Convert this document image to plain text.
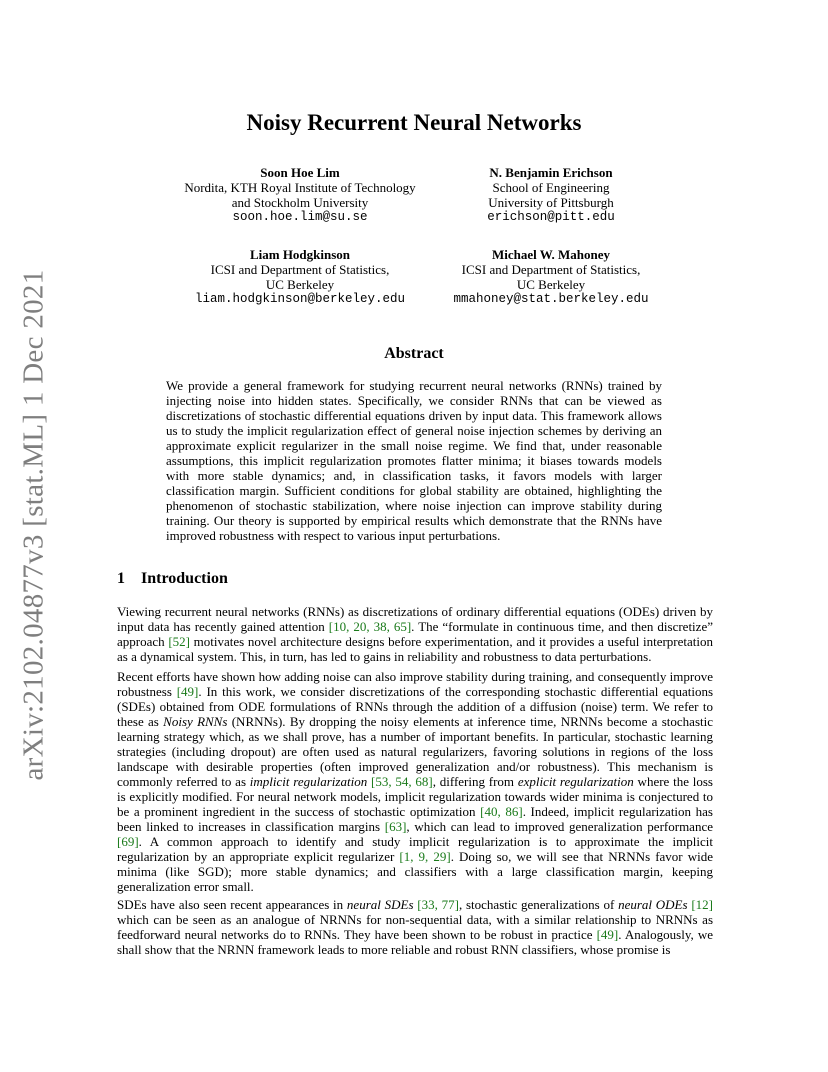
arXiv:2102.04877v3 [stat.ML] 1 Dec 2021
Noisy Recurrent Neural Networks
Soon Hoe Lim
Nordita, KTH Royal Institute of Technology
and Stockholm University
soon.hoe.lim@su.se
N. Benjamin Erichson
School of Engineering
University of Pittsburgh
erichson@pitt.edu
Liam Hodgkinson
ICSI and Department of Statistics,
UC Berkeley
liam.hodgkinson@berkeley.edu
Michael W. Mahoney
ICSI and Department of Statistics,
UC Berkeley
mmahoney@stat.berkeley.edu
Abstract

We provide a general framework for studying recurrent neural networks (RNNs) trained by injecting noise into hidden states. Specifically, we consider RNNs that can be viewed as discretizations of stochastic differential equations driven by input data. This framework allows us to study the implicit regularization effect of general noise injection schemes by deriving an approximate explicit regularizer in the small noise regime. We find that, under reasonable assumptions, this implicit regularization promotes flatter minima; it biases towards models with more stable dynamics; and, in classification tasks, it favors models with larger classification margin. Sufficient conditions for global stability are obtained, highlighting the phenomenon of stochastic stabilization, where noise injection can improve stability during training. Our theory is supported by empirical results which demonstrate that the RNNs have improved robustness with respect to various input perturbations.

1 Introduction

Viewing recurrent neural networks (RNNs) as discretizations of ordinary differential equations (ODEs) driven by input data has recently gained attention [10, 20, 38, 65]. The “formulate in continuous time, and then discretize” approach [52] motivates novel architecture designs before experimentation, and it provides a useful interpretation as a dynamical system. This, in turn, has led to gains in reliability and robustness to data perturbations.

Recent efforts have shown how adding noise can also improve stability during training, and consequently improve robustness [49]. In this work, we consider discretizations of the corresponding stochastic differential equations (SDEs) obtained from ODE formulations of RNNs through the addition of a diffusion (noise) term. We refer to these as Noisy RNNs (NRNNs). By dropping the noisy elements at inference time, NRNNs become a stochastic learning strategy which, as we shall prove, has a number of important benefits. In particular, stochastic learning strategies (including dropout) are often used as natural regularizers, favoring solutions in regions of the loss landscape with desirable properties (often improved generalization and/or robustness). This mechanism is commonly referred to as implicit regularization [53, 54, 68], differing from explicit regularization where the loss is explicitly modified. For neural network models, implicit regularization towards wider minima is conjectured to be a prominent ingredient in the success of stochastic optimization [40, 86]. Indeed, implicit regularization has been linked to increases in classification margins [63], which can lead to improved generalization performance [69]. A common approach to identify and study implicit regularization is to approximate the implicit regularization by an appropriate explicit regularizer [1, 9, 29]. Doing so, we will see that NRNNs favor wide minima (like SGD); more stable dynamics; and classifiers with a large classification margin, keeping generalization error small.

SDEs have also seen recent appearances in neural SDEs [33, 77], stochastic generalizations of neural ODEs [12] which can be seen as an analogue of NRNNs for non-sequential data, with a similar relationship to NRNNs as feedforward neural networks do to RNNs. They have been shown to be robust in practice [49]. Analogously, we shall show that the NRNN framework leads to more reliable and robust RNN classifiers, whose promise is
